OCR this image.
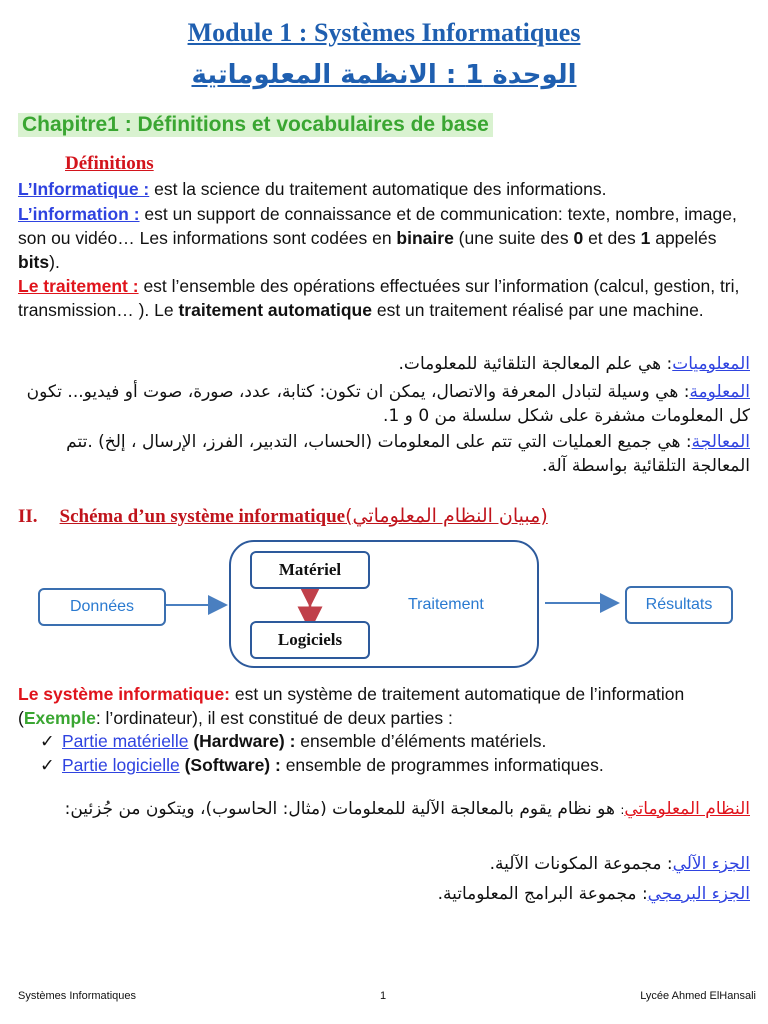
Module 1 : Systèmes Informatiques
الوحدة 1 : الانظمة المعلوماتية
Chapitre1 : Définitions et vocabulaires de base
Définitions
L’Informatique : est la science du traitement automatique des informations.
L’information : est un support de connaissance et de communication: texte, nombre, image, son ou vidéo… Les informations sont codées en binaire (une suite des 0 et des 1 appelés bits).
Le traitement : est l’ensemble des opérations effectuées sur l’information (calcul, gestion, tri, transmission… ). Le traitement automatique est un traitement réalisé par une machine.
المعلوميات: هي علم المعالجة التلقائية للمعلومات.
المعلومة: هي وسيلة لتبادل المعرفة والاتصال، يمكن ان تكون: كتابة، عدد، صورة، صوت أو فيديو... تكون كل المعلومات مشفرة على شكل سلسلة من 0 و 1.
المعالجة: هي جميع العمليات التي تتم على المعلومات (الحساب، التدبير، الفرز، الإرسال ، إلخ) .تتم المعالجة التلقائية بواسطة آلة.
II. Schéma d’un système informatique(مبيان النظام المعلوماتي)
Données
Matériel
Logiciels
Traitement	Résultats
Le système informatique: est un système de traitement automatique de l’information (Exemple: l’ordinateur), il est constitué de deux parties :
✓ Partie matérielle (Hardware) : ensemble d’éléments matériels.
✓ Partie logicielle (Software) : ensemble de programmes informatiques.
النظام المعلوماتي: هو نظام يقوم بالمعالجة الآلية للمعلومات (مثال: الحاسوب)، ويتكون من جُزئين:
الجزء الآلي: مجموعة المكونات الآلية.
الجزء البرمجي: مجموعة البرامج المعلوماتية.
Systèmes Informatiques	1	Lycée Ahmed ElHansali
